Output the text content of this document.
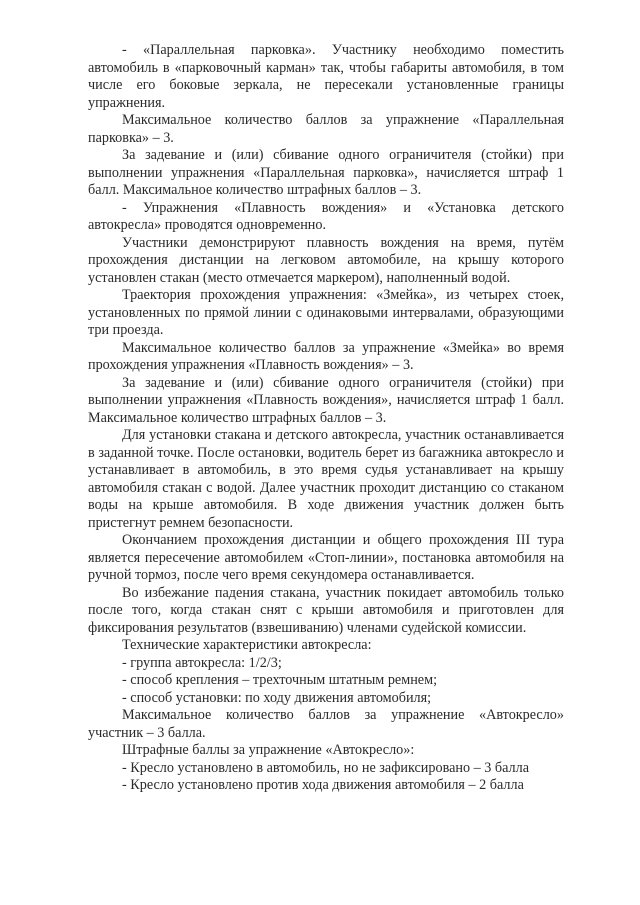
- «Параллельная парковка». Участнику необходимо поместить автомобиль в «парковочный карман» так, чтобы габариты автомобиля, в том числе его боковые зеркала, не пересекали установленные границы упражнения.

Максимальное количество баллов за упражнение «Параллельная парковка» – 3.

За задевание и (или) сбивание одного ограничителя (стойки) при выполнении упражнения «Параллельная парковка», начисляется штраф 1 балл. Максимальное количество штрафных баллов – 3.

- Упражнения «Плавность вождения» и «Установка детского автокресла» проводятся одновременно.

Участники демонстрируют плавность вождения на время, путём прохождения дистанции на легковом автомобиле, на крышу которого установлен стакан (место отмечается маркером), наполненный водой.

Траектория прохождения упражнения: «Змейка», из четырех стоек, установленных по прямой линии с одинаковыми интервалами, образующими три проезда.

Максимальное количество баллов за упражнение «Змейка» во время прохождения упражнения «Плавность вождения» – 3.

За задевание и (или) сбивание одного ограничителя (стойки) при выполнении упражнения «Плавность вождения», начисляется штраф 1 балл. Максимальное количество штрафных баллов – 3.

Для установки стакана и детского автокресла, участник останавливается в заданной точке. После остановки, водитель берет из багажника автокресло и устанавливает в автомобиль, в это время судья устанавливает на крышу автомобиля стакан с водой. Далее участник проходит дистанцию со стаканом воды на крыше автомобиля. В ходе движения участник должен быть пристегнут ремнем безопасности.

Окончанием прохождения дистанции и общего прохождения III тура является пересечение автомобилем «Стоп-линии», постановка автомобиля на ручной тормоз, после чего время секундомера останавливается.

Во избежание падения стакана, участник покидает автомобиль только после того, когда стакан снят с крыши автомобиля и приготовлен для фиксирования результатов (взвешиванию) членами судейской комиссии.

Технические характеристики автокресла:

- группа автокресла: 1/2/3;

- способ крепления – трехточным штатным ремнем;

- способ установки: по ходу движения автомобиля;

Максимальное количество баллов за упражнение «Автокресло» участник – 3 балла.

Штрафные баллы за упражнение «Автокресло»:

- Кресло установлено в автомобиль, но не зафиксировано – 3 балла

- Кресло установлено против хода движения автомобиля – 2 балла
